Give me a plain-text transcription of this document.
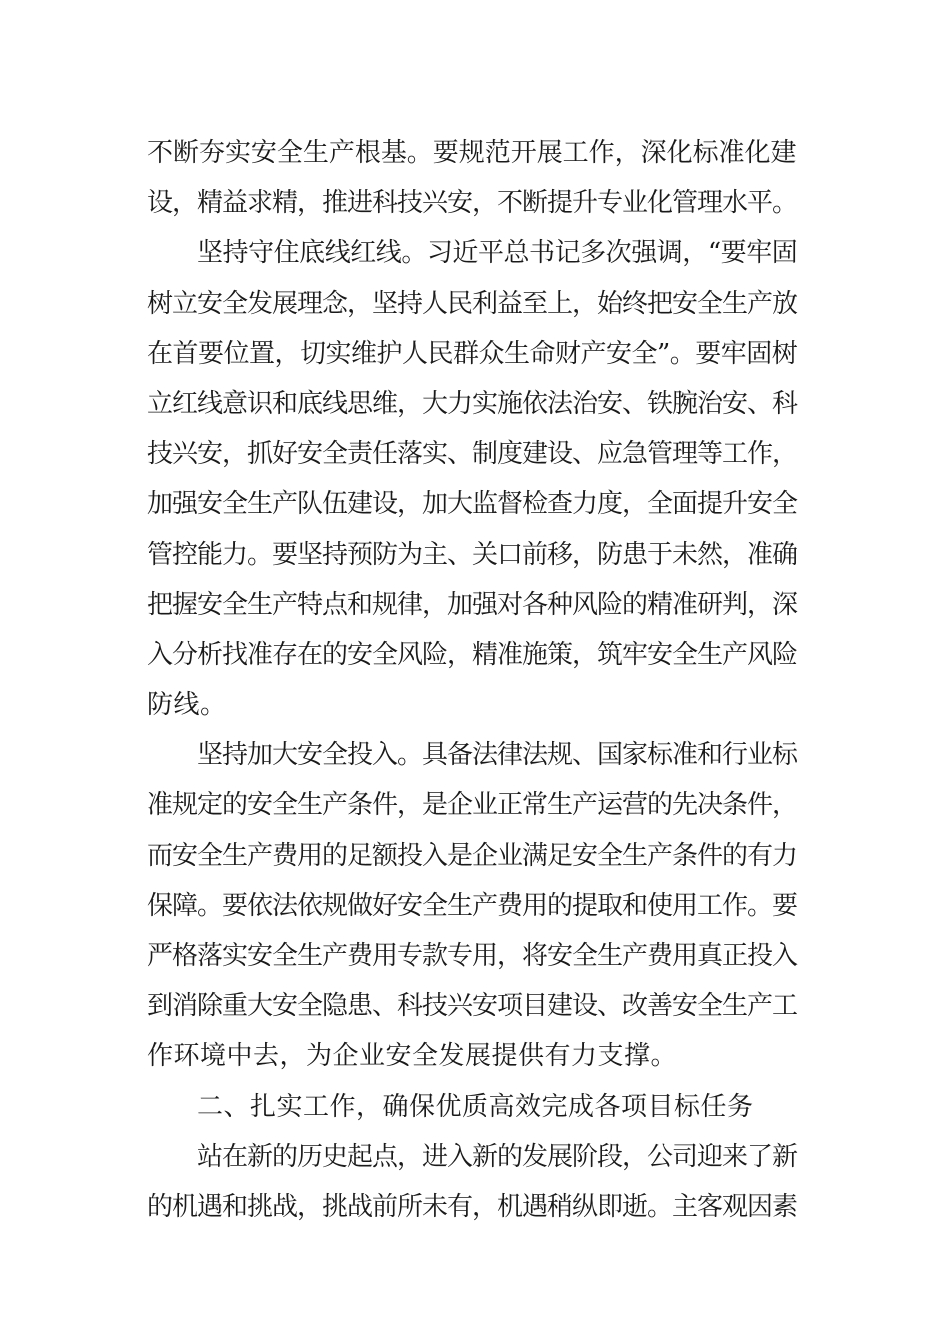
不断夯实安全生产根基。要规范开展工作，深化标准化建
设，精益求精，推进科技兴安，不断提升专业化管理水平。
坚持守住底线红线。习近平总书记多次强调，“要牢固
树立安全发展理念，坚持人民利益至上，始终把安全生产放
在首要位置，切实维护人民群众生命财产安全”。要牢固树
立红线意识和底线思维，大力实施依法治安、铁腕治安、科
技兴安，抓好安全责任落实、制度建设、应急管理等工作，
加强安全生产队伍建设，加大监督检查力度，全面提升安全
管控能力。要坚持预防为主、关口前移，防患于未然，准确
把握安全生产特点和规律，加强对各种风险的精准研判，深
入分析找准存在的安全风险，精准施策，筑牢安全生产风险
防线。
坚持加大安全投入。具备法律法规、国家标准和行业标
准规定的安全生产条件，是企业正常生产运营的先决条件，
而安全生产费用的足额投入是企业满足安全生产条件的有力
保障。要依法依规做好安全生产费用的提取和使用工作。要
严格落实安全生产费用专款专用，将安全生产费用真正投入
到消除重大安全隐患、科技兴安项目建设、改善安全生产工
作环境中去，为企业安全发展提供有力支撑。
二、扎实工作，确保优质高效完成各项目标任务
站在新的历史起点，进入新的发展阶段，公司迎来了新
的机遇和挑战，挑战前所未有，机遇稍纵即逝。主客观因素
